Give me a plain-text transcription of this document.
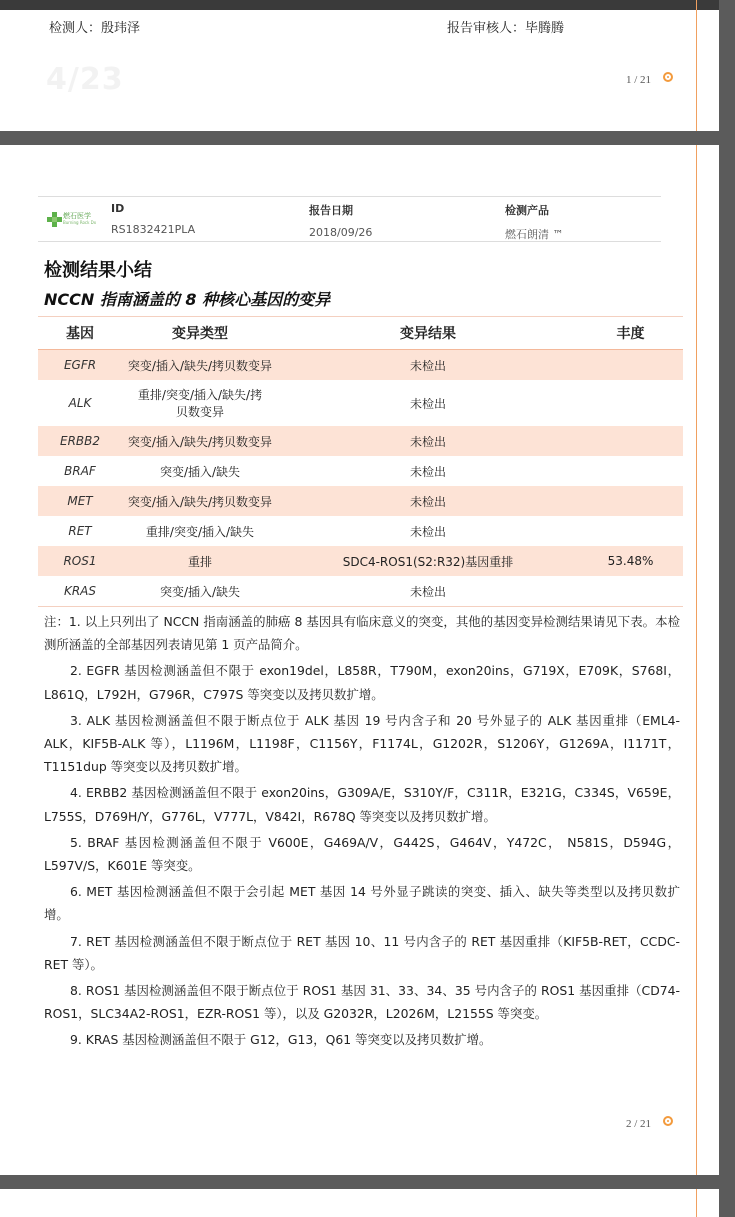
检测人：殷玮泽	报告审核人：毕腾腾
4/23	1 / 21
燃石医学
Burning Rock Dx
ID
RS1832421PLA
报告日期
2018/09/26
检测产品
燃石朗清 ™
检测结果小结
NCCN 指南涵盖的 8 种核心基因的变异
基因	变异类型	变异结果	丰度
EGFR	突变/插入/缺失/拷贝数变异	未检出	
ALK	重排/突变/插入/缺失/拷贝数变异	未检出	
ERBB2	突变/插入/缺失/拷贝数变异	未检出	
BRAF	突变/插入/缺失	未检出	
MET	突变/插入/缺失/拷贝数变异	未检出	
RET	重排/突变/插入/缺失	未检出	
ROS1	重排	SDC4-ROS1(S2:R32)基因重排	53.48%
KRAS	突变/插入/缺失	未检出	

注：1. 以上只列出了 NCCN 指南涵盖的肺癌 8 基因具有临床意义的突变，其他的基因变异检测结果请见下表。本检测所涵盖的全部基因列表请见第 1 页产品简介。

2. EGFR 基因检测涵盖但不限于 exon19del，L858R，T790M，exon20ins，G719X，E709K，S768I，L861Q，L792H，G796R，C797S 等突变以及拷贝数扩增。

3. ALK 基因检测涵盖但不限于断点位于 ALK 基因 19 号内含子和 20 号外显子的 ALK 基因重排（EML4-ALK，KIF5B-ALK 等），L1196M，L1198F，C1156Y，F1174L，G1202R，S1206Y，G1269A，I1171T，T1151dup 等突变以及拷贝数扩增。

4. ERBB2 基因检测涵盖但不限于 exon20ins，G309A/E，S310Y/F，C311R，E321G，C334S，V659E，L755S，D769H/Y，G776L，V777L，V842I，R678Q 等突变以及拷贝数扩增。

5. BRAF 基因检测涵盖但不限于 V600E，G469A/V，G442S，G464V，Y472C， N581S，D594G，L597V/S，K601E 等突变。

6. MET 基因检测涵盖但不限于会引起 MET 基因 14 号外显子跳读的突变、插入、缺失等类型以及拷贝数扩增。

7. RET 基因检测涵盖但不限于断点位于 RET 基因 10、11 号内含子的 RET 基因重排（KIF5B-RET，CCDC-RET 等）。

8. ROS1 基因检测涵盖但不限于断点位于 ROS1 基因 31、33、34、35 号内含子的 ROS1 基因重排（CD74-ROS1，SLC34A2-ROS1，EZR-ROS1 等），以及 G2032R，L2026M，L2155S 等突变。

9. KRAS 基因检测涵盖但不限于 G12，G13，Q61 等突变以及拷贝数扩增。

2 / 21
